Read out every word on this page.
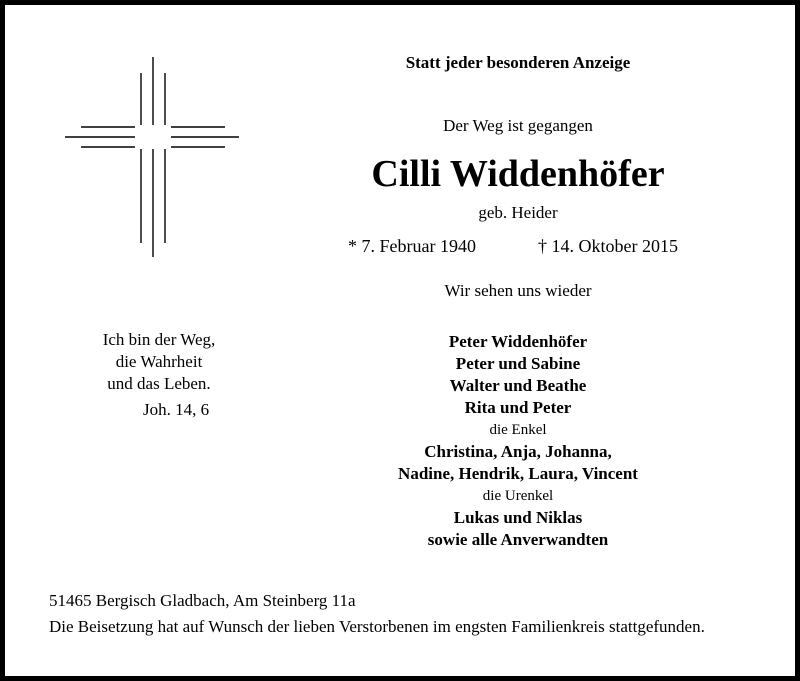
Statt jeder besonderen Anzeige
Der Weg ist gegangen
Cilli Widdenhöfer
geb. Heider
* 7. Februar 1940	† 14. Oktober 2015
Wir sehen uns wieder
Ich bin der Weg,
die Wahrheit
und das Leben.
Joh. 14, 6
Peter Widdenhöfer
Peter und Sabine
Walter und Beathe
Rita und Peter
die Enkel
Christina, Anja, Johanna,
Nadine, Hendrik, Laura, Vincent
die Urenkel
Lukas und Niklas
sowie alle Anverwandten
51465 Bergisch Gladbach, Am Steinberg 11a
Die Beisetzung hat auf Wunsch der lieben Verstorbenen im engsten Familienkreis stattgefunden.
